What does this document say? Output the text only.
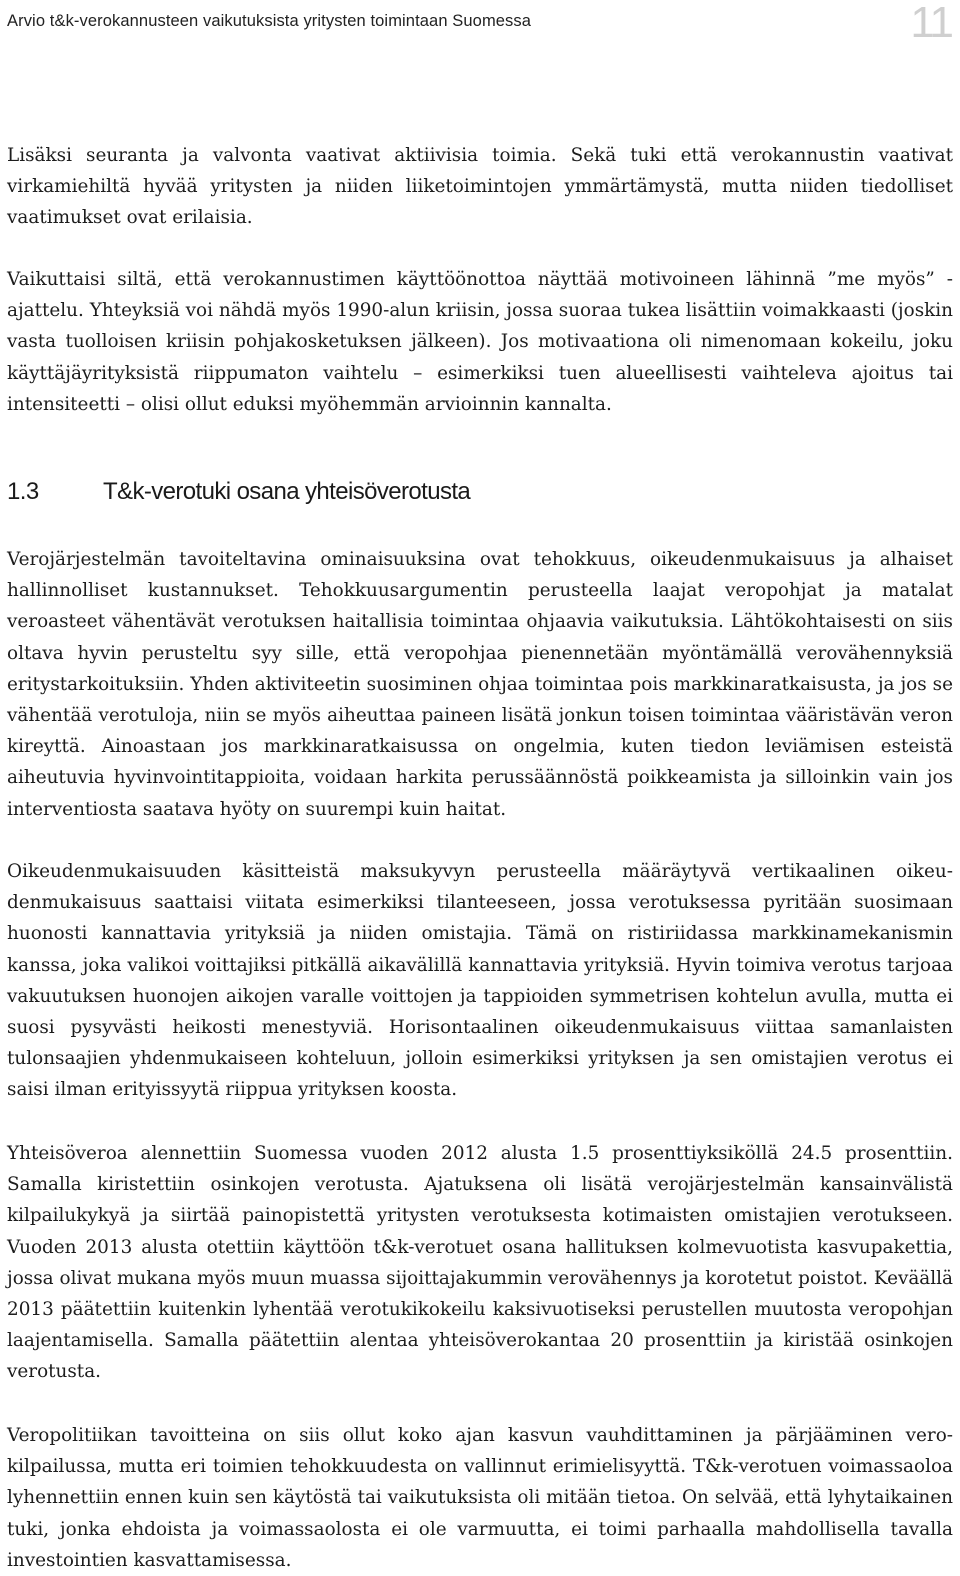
Arvio t&k-verokannusteen vaikutuksista yritysten toimintaan Suomessa	11

Lisäksi seuranta ja valvonta vaativat aktiivisia toimia. Sekä tuki että verokannustin vaativat virkamiehiltä hyvää yritysten ja niiden liiketoimintojen ymmärtämystä, mutta niiden tiedolliset vaatimukset ovat erilaisia.

Vaikuttaisi siltä, että verokannustimen käyttöönottoa näyttää motivoineen lähinnä ”me myös” -ajattelu. Yhteyksiä voi nähdä myös 1990-alun kriisin, jossa suoraa tukea lisättiin voimakkaasti (joskin vasta tuolloisen kriisin pohjakosketuksen jälkeen). Jos motivaationa oli nimenomaan kokeilu, joku käyttäjäyrityksistä riippumaton vaihtelu – esimerkiksi tuen alueellisesti vaihteleva ajoitus tai intensiteetti – olisi ollut eduksi myöhemmän arvioinnin kannalta.

1.3	T&k-verotuki osana yhteisöverotusta

Verojärjestelmän tavoiteltavina ominaisuuksina ovat tehokkuus, oikeudenmukaisuus ja alhaiset hallinnolliset kustannukset. Tehokkuusargumentin perusteella laajat veropohjat ja matalat veroasteet vähentävät verotuksen haitallisia toimintaa ohjaavia vaikutuksia. Lähtökohtaisesti on siis oltava hyvin perusteltu syy sille, että veropohjaa pienennetään myöntämällä verovähennyksiä eritystarkoituksiin. Yhden aktiviteetin suosiminen ohjaa toimintaa pois markkinaratkaisusta, ja jos se vähentää verotuloja, niin se myös aiheuttaa paineen lisätä jonkun toisen toimintaa vääristävän veron kireyttä. Ainoastaan jos markkinaratkaisussa on ongelmia, kuten tiedon leviämisen esteistä aiheutuvia hyvinvointitappioita, voidaan harkita perussäännöstä poikkeamista ja silloinkin vain jos interventiosta saatava hyöty on suurempi kuin haitat.

Oikeudenmukaisuuden käsitteistä maksukyvyn perusteella määräytyvä vertikaalinen oikeudenmukaisuus saattaisi viitata esimerkiksi tilanteeseen, jossa verotuksessa pyritään suosimaan huonosti kannattavia yrityksiä ja niiden omistajia. Tämä on ristiriidassa markkinamekanismin kanssa, joka valikoi voittajiksi pitkällä aikavälillä kannattavia yrityksiä. Hyvin toimiva verotus tarjoaa vakuutuksen huonojen aikojen varalle voittojen ja tappioiden symmetrisen kohtelun avulla, mutta ei suosi pysyvästi heikosti menestyviä. Horisontaalinen oikeudenmukaisuus viittaa samanlaisten tulonsaajien yhdenmukaiseen kohteluun, jolloin esimerkiksi yrityksen ja sen omistajien verotus ei saisi ilman erityissyytä riippua yrityksen koosta.

Yhteisöveroa alennettiin Suomessa vuoden 2012 alusta 1.5 prosenttiyksiköllä 24.5 prosenttiin. Samalla kiristettiin osinkojen verotusta. Ajatuksena oli lisätä verojärjestelmän kansainvälistä kilpailukykyä ja siirtää painopistettä yritysten verotuksesta kotimaisten omistajien verotukseen. Vuoden 2013 alusta otettiin käyttöön t&k-verotuet osana hallituksen kolmevuotista kasvupakettia, jossa olivat mukana myös muun muassa sijoittajakummin verovähennys ja korotetut poistot. Keväällä 2013 päätettiin kuitenkin lyhentää verotukikokeilu kaksivuotiseksi perustellen muutosta veropohjan laajentamisella. Samalla päätettiin alentaa yhteisöverokantaa 20 prosenttiin ja kiristää osinkojen verotusta.

Veropolitiikan tavoitteina on siis ollut koko ajan kasvun vauhdittaminen ja pärjääminen verokilpailussa, mutta eri toimien tehokkuudesta on vallinnut erimielisyyttä. T&k-verotuen voimassaoloa lyhennettiin ennen kuin sen käytöstä tai vaikutuksista oli mitään tietoa. On selvää, että lyhytaikainen tuki, jonka ehdoista ja voimassaolosta ei ole varmuutta, ei toimi parhaalla mahdollisella tavalla investointien kasvattamisessa.
